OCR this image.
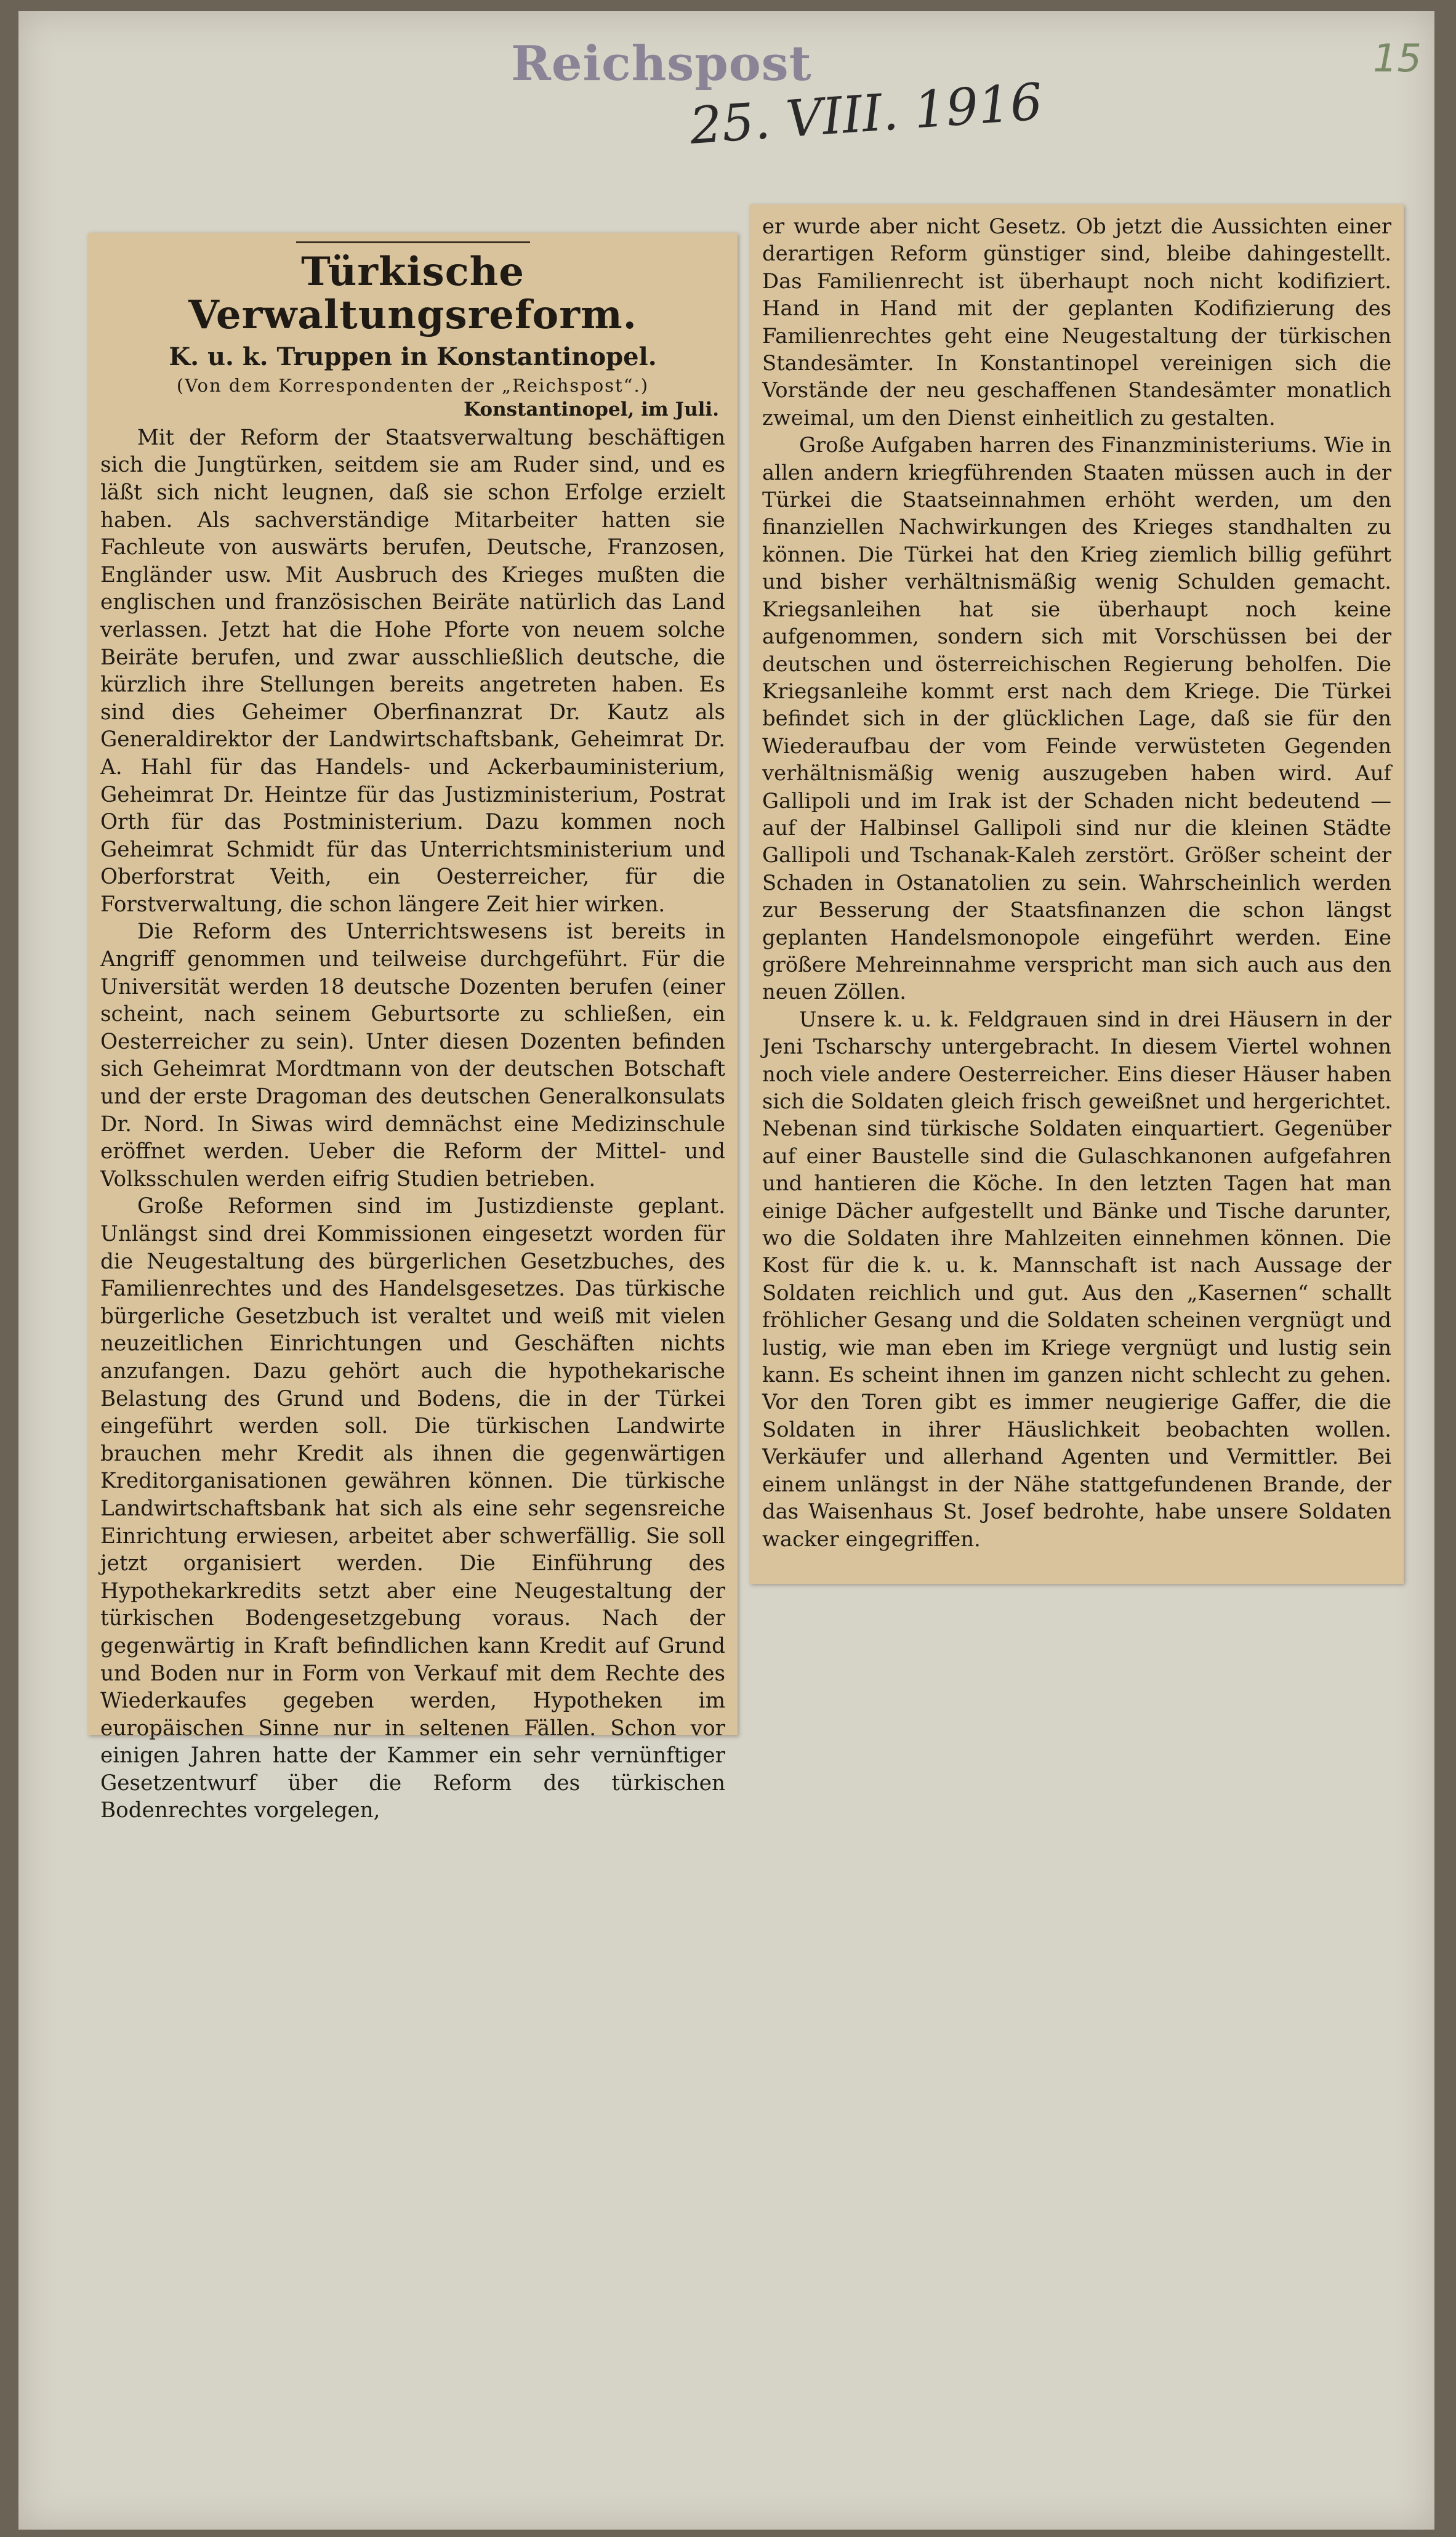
Reichspost
25. VIII. 1916
15
Türkische Verwaltungsreform.
K. u. k. Truppen in Konstantinopel.
(Von dem Korrespondenten der „Reichspost“.)
Konstantinopel, im Juli.

Mit der Reform der Staatsverwaltung beschäftigen sich die Jungtürken, seitdem sie am Ruder sind, und es läßt sich nicht leugnen, daß sie schon Erfolge erzielt haben. Als sachverständige Mitarbeiter hatten sie Fachleute von auswärts berufen, Deutsche, Franzosen, Engländer usw. Mit Ausbruch des Krieges mußten die englischen und französischen Beiräte natürlich das Land verlassen. Jetzt hat die Hohe Pforte von neuem solche Beiräte berufen, und zwar ausschließlich deutsche, die kürzlich ihre Stellungen bereits angetreten haben. Es sind dies Geheimer Oberfinanzrat Dr. Kautz als Generaldirektor der Landwirtschaftsbank, Geheimrat Dr. A. Hahl für das Handels- und Ackerbauministerium, Geheimrat Dr. Heintze für das Justizministerium, Postrat Orth für das Postministerium. Dazu kommen noch Geheimrat Schmidt für das Unterrichtsministerium und Oberforstrat Veith, ein Oesterreicher, für die Forstverwaltung, die schon längere Zeit hier wirken.

Die Reform des Unterrichtswesens ist bereits in Angriff genommen und teilweise durchgeführt. Für die Universität werden 18 deutsche Dozenten berufen (einer scheint, nach seinem Geburtsorte zu schließen, ein Oesterreicher zu sein). Unter diesen Dozenten befinden sich Geheimrat Mordtmann von der deutschen Botschaft und der erste Dragoman des deutschen Generalkonsulats Dr. Nord. In Siwas wird demnächst eine Medizinschule eröffnet werden. Ueber die Reform der Mittel- und Volksschulen werden eifrig Studien betrieben.

Große Reformen sind im Justizdienste geplant. Unlängst sind drei Kommissionen eingesetzt worden für die Neugestaltung des bürgerlichen Gesetzbuches, des Familienrechtes und des Handelsgesetzes. Das türkische bürgerliche Gesetzbuch ist veraltet und weiß mit vielen neuzeitlichen Einrichtungen und Geschäften nichts anzufangen. Dazu gehört auch die hypothekarische Belastung des Grund und Bodens, die in der Türkei eingeführt werden soll. Die türkischen Landwirte brauchen mehr Kredit als ihnen die gegenwärtigen Kreditorganisationen gewähren können. Die türkische Landwirtschaftsbank hat sich als eine sehr segensreiche Einrichtung erwiesen, arbeitet aber schwerfällig. Sie soll jetzt organisiert werden. Die Einführung des Hypothekarkredits setzt aber eine Neugestaltung der türkischen Bodengesetzgebung voraus. Nach der gegenwärtig in Kraft befindlichen kann Kredit auf Grund und Boden nur in Form von Verkauf mit dem Rechte des Wiederkaufes gegeben werden, Hypotheken im europäischen Sinne nur in seltenen Fällen. Schon vor einigen Jahren hatte der Kammer ein sehr vernünftiger Gesetzentwurf über die Reform des türkischen Bodenrechtes vorgelegen,

er wurde aber nicht Gesetz. Ob jetzt die Aussichten einer derartigen Reform günstiger sind, bleibe dahingestellt. Das Familienrecht ist überhaupt noch nicht kodifiziert. Hand in Hand mit der geplanten Kodifizierung des Familienrechtes geht eine Neugestaltung der türkischen Standesämter. In Konstantinopel vereinigen sich die Vorstände der neu geschaffenen Standesämter monatlich zweimal, um den Dienst einheitlich zu gestalten.

Große Aufgaben harren des Finanzministeriums. Wie in allen andern kriegführenden Staaten müssen auch in der Türkei die Staatseinnahmen erhöht werden, um den finanziellen Nachwirkungen des Krieges standhalten zu können. Die Türkei hat den Krieg ziemlich billig geführt und bisher verhältnismäßig wenig Schulden gemacht. Kriegsanleihen hat sie überhaupt noch keine aufgenommen, sondern sich mit Vorschüssen bei der deutschen und österreichischen Regierung beholfen. Die Kriegsanleihe kommt erst nach dem Kriege. Die Türkei befindet sich in der glücklichen Lage, daß sie für den Wiederaufbau der vom Feinde verwüsteten Gegenden verhältnismäßig wenig auszugeben haben wird. Auf Gallipoli und im Irak ist der Schaden nicht bedeutend — auf der Halbinsel Gallipoli sind nur die kleinen Städte Gallipoli und Tschanak-Kaleh zerstört. Größer scheint der Schaden in Ostanatolien zu sein. Wahrscheinlich werden zur Besserung der Staatsfinanzen die schon längst geplanten Handelsmonopole eingeführt werden. Eine größere Mehreinnahme verspricht man sich auch aus den neuen Zöllen.

Unsere k. u. k. Feldgrauen sind in drei Häusern in der Jeni Tscharschy untergebracht. In diesem Viertel wohnen noch viele andere Oesterreicher. Eins dieser Häuser haben sich die Soldaten gleich frisch geweißnet und hergerichtet. Nebenan sind türkische Soldaten einquartiert. Gegenüber auf einer Baustelle sind die Gulaschkanonen aufgefahren und hantieren die Köche. In den letzten Tagen hat man einige Dächer aufgestellt und Bänke und Tische darunter, wo die Soldaten ihre Mahlzeiten einnehmen können. Die Kost für die k. u. k. Mannschaft ist nach Aussage der Soldaten reichlich und gut. Aus den „Kasernen“ schallt fröhlicher Gesang und die Soldaten scheinen vergnügt und lustig, wie man eben im Kriege vergnügt und lustig sein kann. Es scheint ihnen im ganzen nicht schlecht zu gehen. Vor den Toren gibt es immer neugierige Gaffer, die die Soldaten in ihrer Häuslichkeit beobachten wollen. Verkäufer und allerhand Agenten und Vermittler. Bei einem unlängst in der Nähe stattgefundenen Brande, der das Waisenhaus St. Josef bedrohte, habe unsere Soldaten wacker eingegriffen.
